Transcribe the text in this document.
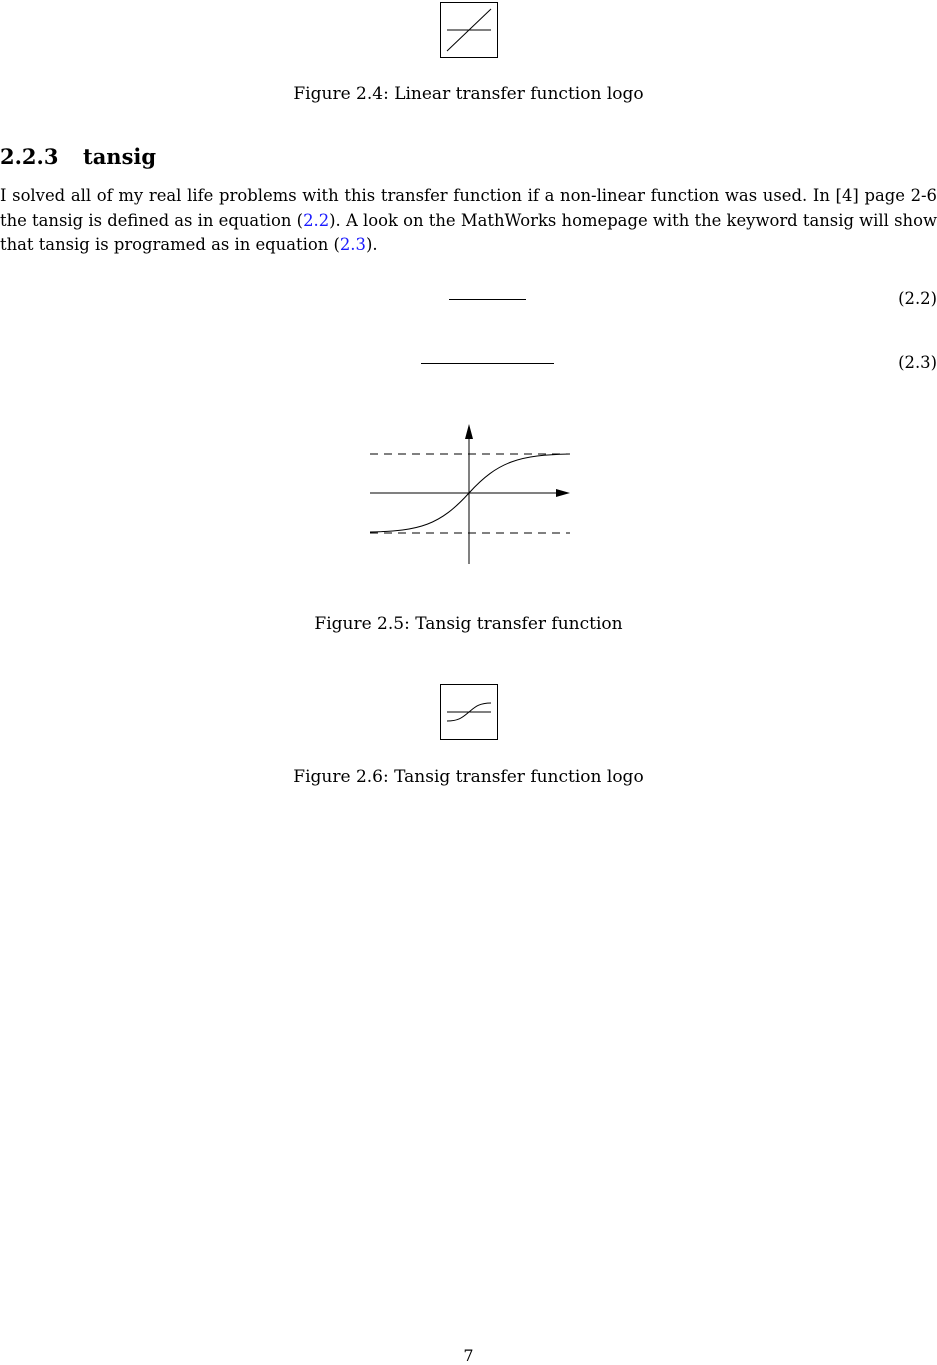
Figure 2.4: Linear transfer function logo
2.2.3 tansig
I solved all of my real life problems with this transfer function if a non-linear function was used. In [4] page 2-6 the tansig is defined as in equation (2.2). A look on the MathWorks homepage with the keyword tansig will show that tansig is programed as in equation (2.3).
(2.2)
(2.3)
Figure 2.5: Tansig transfer function
Figure 2.6: Tansig transfer function logo
7
